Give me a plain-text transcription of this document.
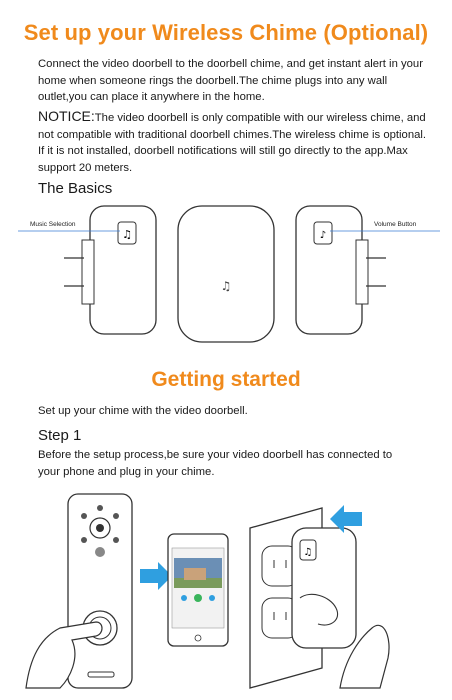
Set up your Wireless Chime (Optional)

Connect the video doorbell to the doorbell chime, and get instant alert in your home when someone rings the doorbell.The chime plugs into any wall outlet,you can place it anywhere in the home.

NOTICE:The video doorbell is only compatible with our wireless chime, and not compatible with traditional doorbell chimes.The wireless chime is optional. If it is not installed, doorbell notifications will still go directly to the app.Max support 20 meters.

The Basics
♫
♫
♪
Music Selection	Volume Button
Getting started

Set up your chime with the video doorbell.

Step 1

Before the setup process,be sure your video doorbell has connected to your phone and plug in your chime.

♫
